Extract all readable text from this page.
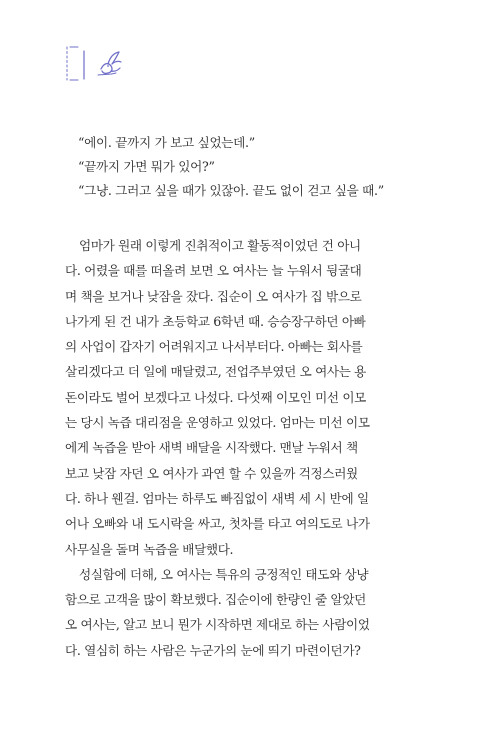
“에이. 끝까지 가 보고 싶었는데.”
“끝까지 가면 뭐가 있어?”
“그냥. 그러고 싶을 때가 있잖아. 끝도 없이 걷고 싶을 때.”

엄마가 원래 이렇게 진취적이고 활동적이었던 건 아니
다. 어렸을 때를 떠올려 보면 오 여사는 늘 누워서 뒹굴대
며 책을 보거나 낮잠을 잤다. 집순이 오 여사가 집 밖으로
나가게 된 건 내가 초등학교 6학년 때. 승승장구하던 아빠
의 사업이 갑자기 어려워지고 나서부터다. 아빠는 회사를
살리겠다고 더 일에 매달렸고, 전업주부였던 오 여사는 용
돈이라도 벌어 보겠다고 나섰다. 다섯째 이모인 미선 이모
는 당시 녹즙 대리점을 운영하고 있었다. 엄마는 미선 이모
에게 녹즙을 받아 새벽 배달을 시작했다. 맨날 누워서 책
보고 낮잠 자던 오 여사가 과연 할 수 있을까 걱정스러웠
다. 하나 웬걸. 엄마는 하루도 빠짐없이 새벽 세 시 반에 일
어나 오빠와 내 도시락을 싸고, 첫차를 타고 여의도로 나가
사무실을 돌며 녹즙을 배달했다.

성실함에 더해, 오 여사는 특유의 긍정적인 태도와 상냥
함으로 고객을 많이 확보했다. 집순이에 한량인 줄 알았던
오 여사는, 알고 보니 뭔가 시작하면 제대로 하는 사람이었
다. 열심히 하는 사람은 누군가의 눈에 띄기 마련이던가?
